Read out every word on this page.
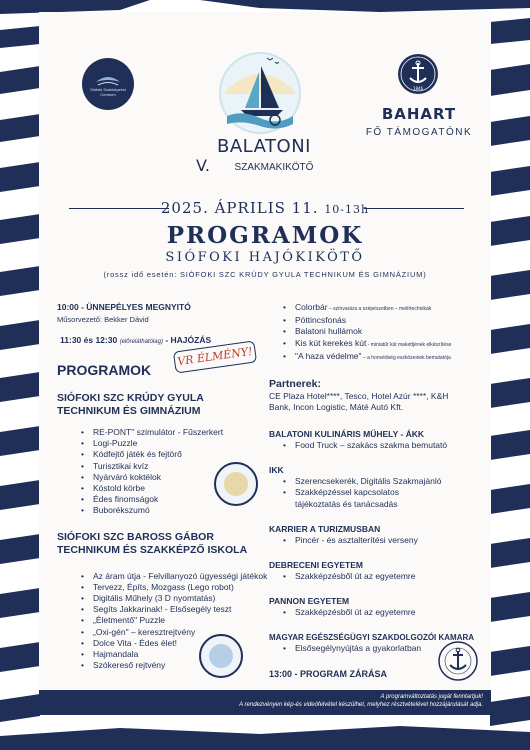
Siófoki Szakképzési Centrum
BALATONI
V.	SZAKMAKIKÖTŐ
1846
BAHART
FŐ TÁMOGATÓNK
2025. ÁPRILIS 11. 10-13h
PROGRAMOK
SIÓFOKI HAJÓKIKÖTŐ
(rossz idő esetén: SIÓFOKI SZC KRÚDY GYULA TECHNIKUM ÉS GIMNÁZIUM)
10:00 - ÜNNEPÉLYES MEGNYITÓ
Műsorvezető: Bekker Dávid
11:30 és 12:30 (előreláthatólag) - HAJÓZÁS
PROGRAMOK
SIÓFOKI SZC KRÚDY GYULA
TECHNIKUM ÉS GIMNÁZIUM
• RE-PONT" szimulátor - Fűszerkert
• Logi-Puzzle
• Kódfejtő játék és fejtörő
• Turisztikai kvíz
• Nyárváró koktélok
• Kóstold körbe
• Édes finomságok
• Buborékszumó
SIÓFOKI SZC BAROSS GÁBOR
TECHNIKUM ÉS SZAKKÉPZŐ ISKOLA
• Az áram útja - Felvillanyozó ügyességi játékok
• Tervezz, Építs, Mozgass (Lego robot)
• Digitális Műhely (3 D nyomtatás)
• Segíts Jakkarinak! - Elsősegély teszt
• „Életmentő" Puzzle
• „Oxi-gén" – keresztrejtvény
• Dolce Vita - Édes élet!
• Hajmandala
• Szókereső rejtvény
VR ÉLMÉNY!
• Colorbár – színvarázs a szépészetben – melírtechnikák
• Pöttincsfonás
• Balatoni hullámok
• Kis kút kerekes kút - miniatűr kút makettjének elkészítése
• "A haza védelme" – a honvédség eszközeinek bemutatója
Partnerek:
CE Plaza Hotel****, Tesco, Hotel Azúr ****, K&H Bank, Incon Logistic, Máté Autó Kft.
BALATONI KULINÁRIS MŰHELY - ÁKK
• Food Truck – szakács szakma bemutató
IKK
• Szerencsekerék, Digitális Szakmajánló
• Szakképzéssel kapcsolatos tájékoztatás és tanácsadás
KARRIER A TURIZMUSBAN
• Pincér - és asztalterítési verseny
DEBRECENI EGYETEM
• Szakképzésből út az egyetemre
PANNON EGYETEM
• Szakképzésből út az egyetemre
MAGYAR EGÉSZSÉGÜGYI SZAKDOLGOZÓI KAMARA
• Elsősegélynyújtás a gyakorlatban
13:00 - PROGRAM ZÁRÁSA
A programváltoztatás jogát fenntartjuk!
A rendezvényen kép-és videófelvétel készülhet, melyhez résztvételével hozzájárulását adja.
